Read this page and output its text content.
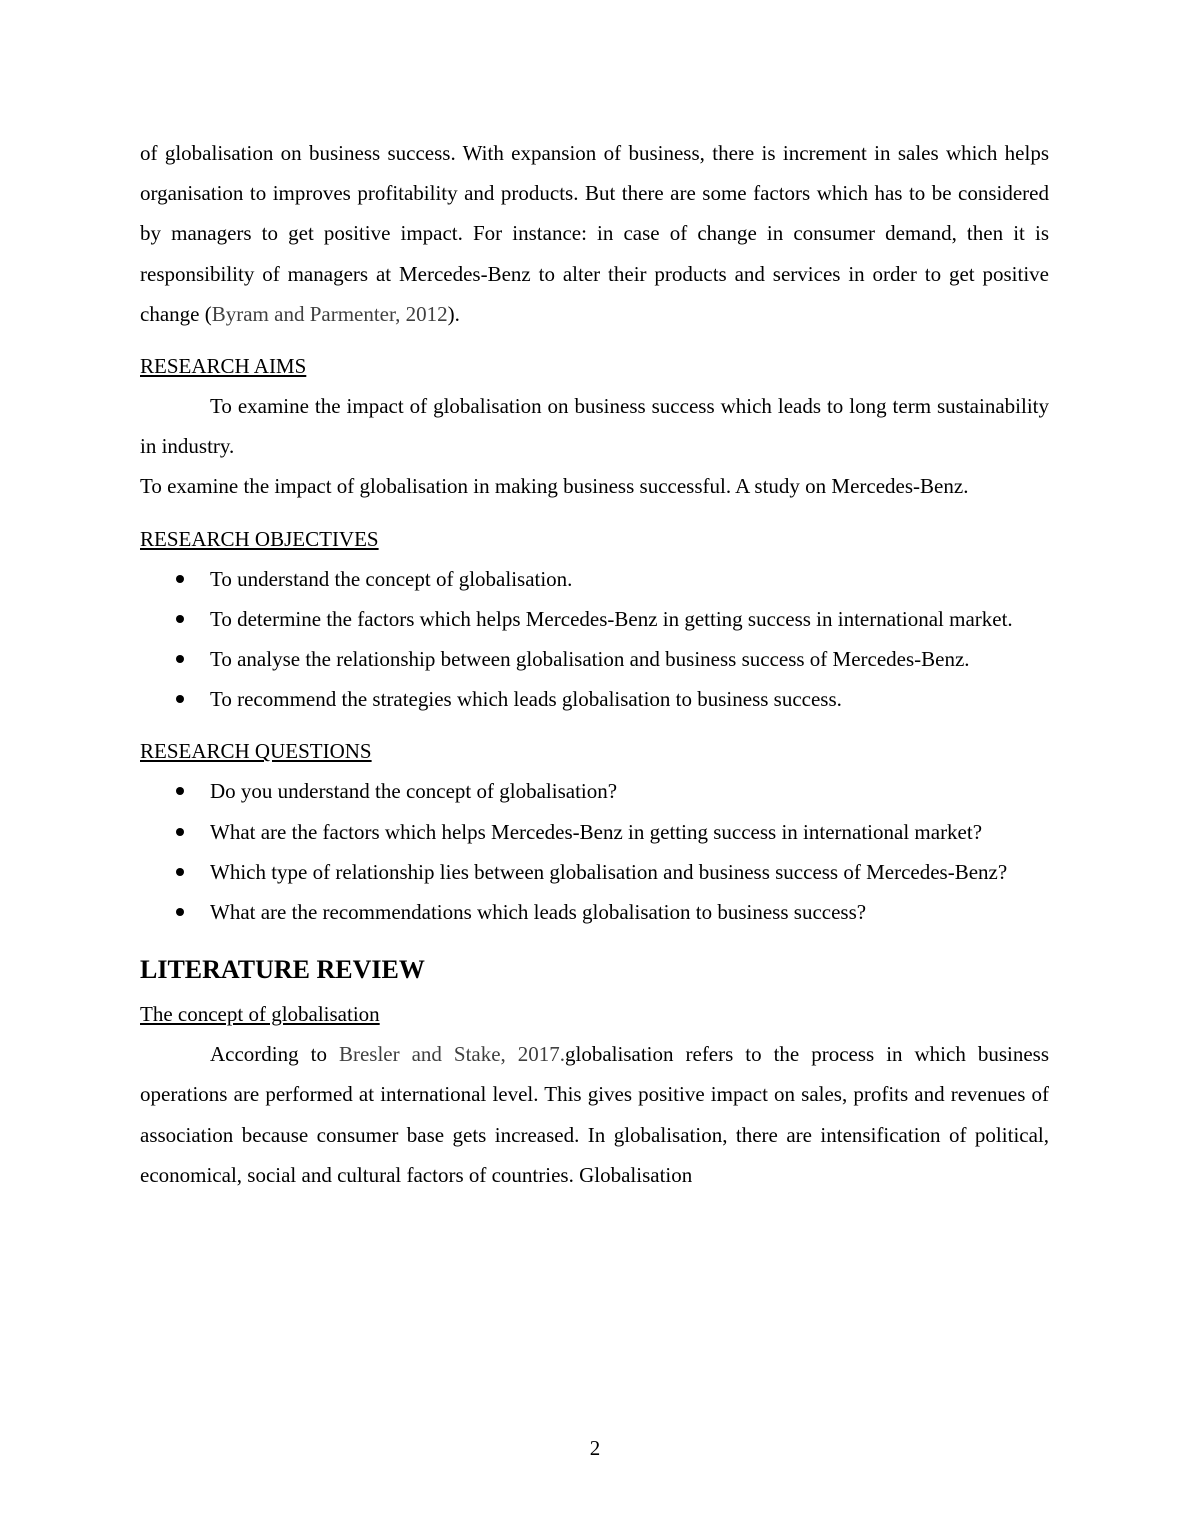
of globalisation on business success. With expansion of business, there is increment in sales which helps organisation to improves profitability and products. But there are some factors which has to be considered by managers to get positive impact. For instance: in case of change in consumer demand, then it is responsibility of managers at Mercedes-Benz to alter their products and services in order to get positive change (Byram and Parmenter, 2012).

RESEARCH AIMS

To examine the impact of globalisation on business success which leads to long term sustainability in industry.

To examine the impact of globalisation in making business successful. A study on Mercedes-Benz.

RESEARCH OBJECTIVES

To understand the concept of globalisation.
To determine the factors which helps Mercedes-Benz in getting success in international market.
To analyse the relationship between globalisation and business success of Mercedes-Benz.
To recommend the strategies which leads globalisation to business success.

RESEARCH QUESTIONS

Do you understand the concept of globalisation?
What are the factors which helps Mercedes-Benz in getting success in international market?
Which type of relationship lies between globalisation and business success of Mercedes-Benz?
What are the recommendations which leads globalisation to business success?
LITERATURE REVIEW

The concept of globalisation

According to Bresler and Stake, 2017.globalisation refers to the process in which business operations are performed at international level. This gives positive impact on sales, profits and revenues of association because consumer base gets increased. In globalisation, there are intensification of political, economical, social and cultural factors of countries. Globalisation

2
